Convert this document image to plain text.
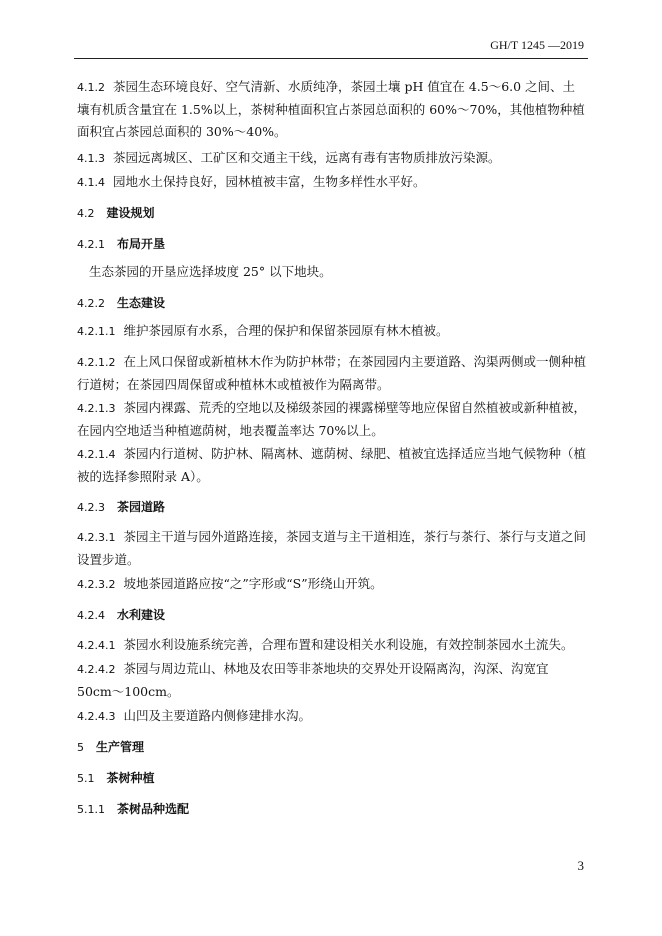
GH/T 1245 —2019
4.1.2 茶园生态环境良好、空气清新、水质纯净，茶园土壤 pH 值宜在 4.5～6.0 之间、土壤有机质含量宜在 1.5%以上，茶树种植面积宜占茶园总面积的 60%～70%，其他植物种植面积宜占茶园总面积的 30%～40%。
4.1.3 茶园远离城区、工矿区和交通主干线，远离有毒有害物质排放污染源。
4.1.4 园地水土保持良好，园林植被丰富，生物多样性水平好。
4.2 建设规划
4.2.1 布局开垦
生态茶园的开垦应选择坡度 25° 以下地块。
4.2.2 生态建设
4.2.1.1 维护茶园原有水系，合理的保护和保留茶园原有林木植被。
4.2.1.2 在上风口保留或新植林木作为防护林带；在茶园园内主要道路、沟渠两侧或一侧种植行道树；在茶园四周保留或种植林木或植被作为隔离带。
4.2.1.3 茶园内裸露、荒秃的空地以及梯级茶园的裸露梯壁等地应保留自然植被或新种植被，在园内空地适当种植遮荫树，地表覆盖率达 70%以上。
4.2.1.4 茶园内行道树、防护林、隔离林、遮荫树、绿肥、植被宜选择适应当地气候物种（植被的选择参照附录 A）。
4.2.3 茶园道路
4.2.3.1 茶园主干道与园外道路连接，茶园支道与主干道相连，茶行与茶行、茶行与支道之间设置步道。
4.2.3.2 坡地茶园道路应按“之”字形或“S”形绕山开筑。
4.2.4 水利建设
4.2.4.1 茶园水利设施系统完善，合理布置和建设相关水利设施，有效控制茶园水土流失。
4.2.4.2 茶园与周边荒山、林地及农田等非茶地块的交界处开设隔离沟，沟深、沟宽宜 50cm～100cm。
4.2.4.3 山凹及主要道路内侧修建排水沟。
5 生产管理
5.1 茶树种植
5.1.1 茶树品种选配
3
